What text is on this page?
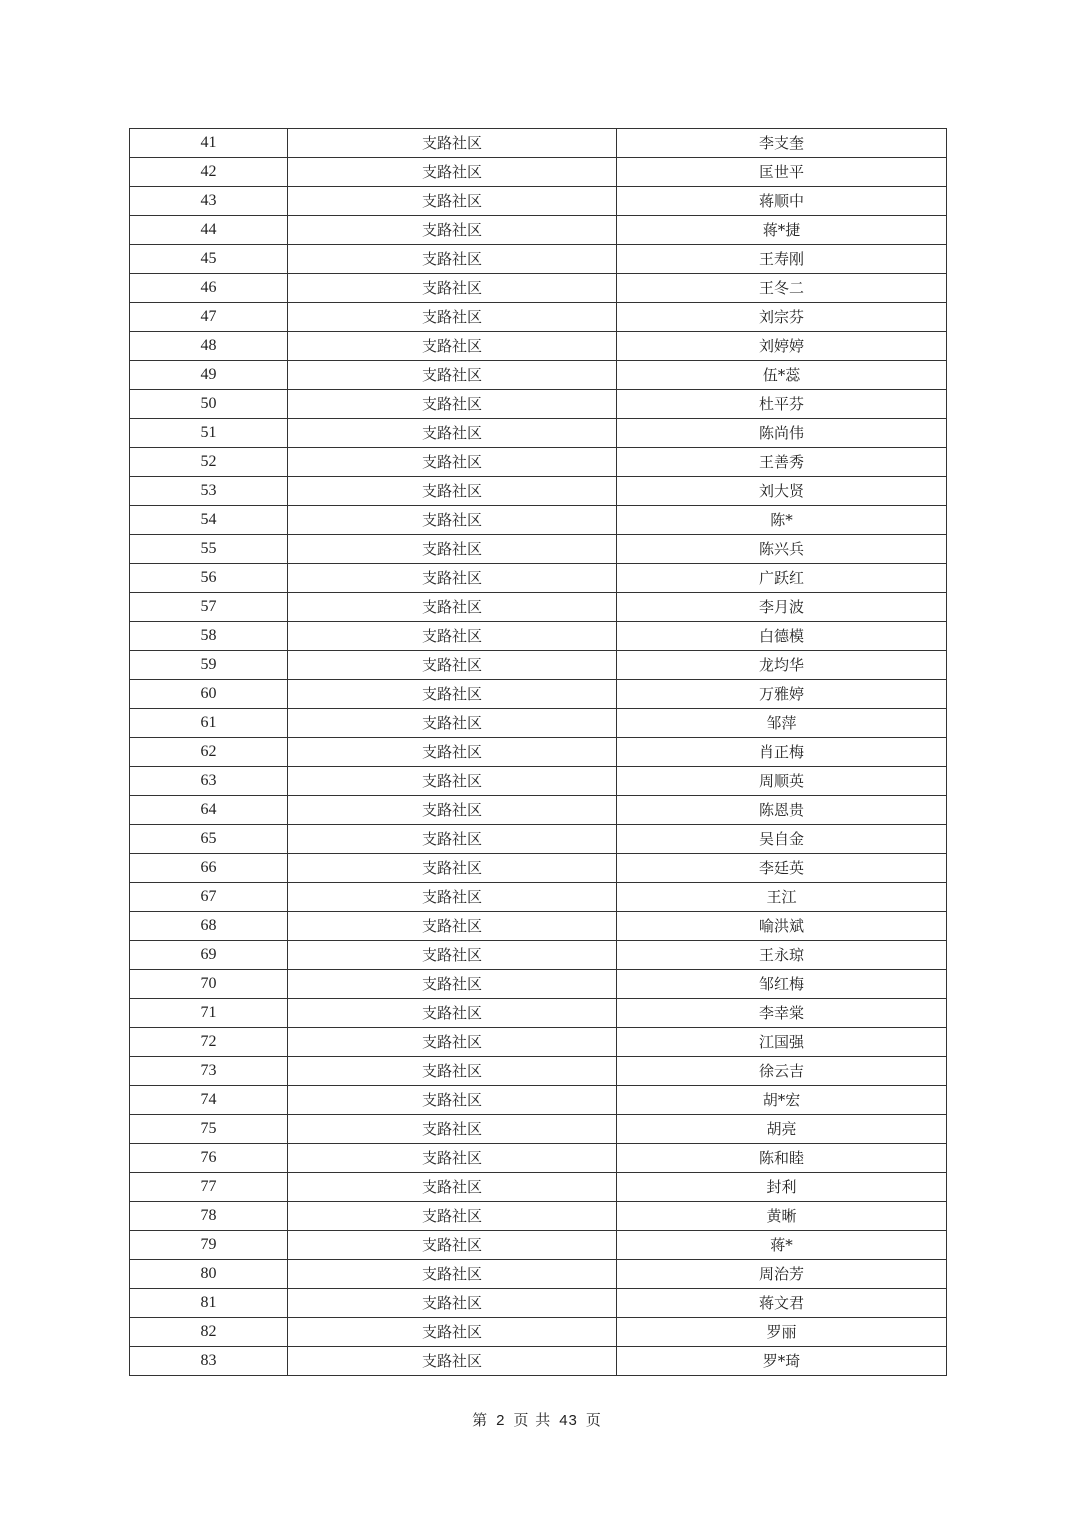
41	支路社区	李支奎
42	支路社区	匡世平
43	支路社区	蒋顺中
44	支路社区	蒋*捷
45	支路社区	王寿刚
46	支路社区	王冬二
47	支路社区	刘宗芬
48	支路社区	刘婷婷
49	支路社区	伍*蕊
50	支路社区	杜平芬
51	支路社区	陈尚伟
52	支路社区	王善秀
53	支路社区	刘大贤
54	支路社区	陈*
55	支路社区	陈兴兵
56	支路社区	广跃红
57	支路社区	李月波
58	支路社区	白德模
59	支路社区	龙均华
60	支路社区	万雅婷
61	支路社区	邹萍
62	支路社区	肖正梅
63	支路社区	周顺英
64	支路社区	陈恩贵
65	支路社区	吴自金
66	支路社区	李廷英
67	支路社区	王江
68	支路社区	喻洪斌
69	支路社区	王永琼
70	支路社区	邹红梅
71	支路社区	李幸棠
72	支路社区	江国强
73	支路社区	徐云吉
74	支路社区	胡*宏
75	支路社区	胡亮
76	支路社区	陈和睦
77	支路社区	封利
78	支路社区	黄晰
79	支路社区	蒋*
80	支路社区	周治芳
81	支路社区	蒋文君
82	支路社区	罗丽
83	支路社区	罗*琦
第 2 页 共 43 页
